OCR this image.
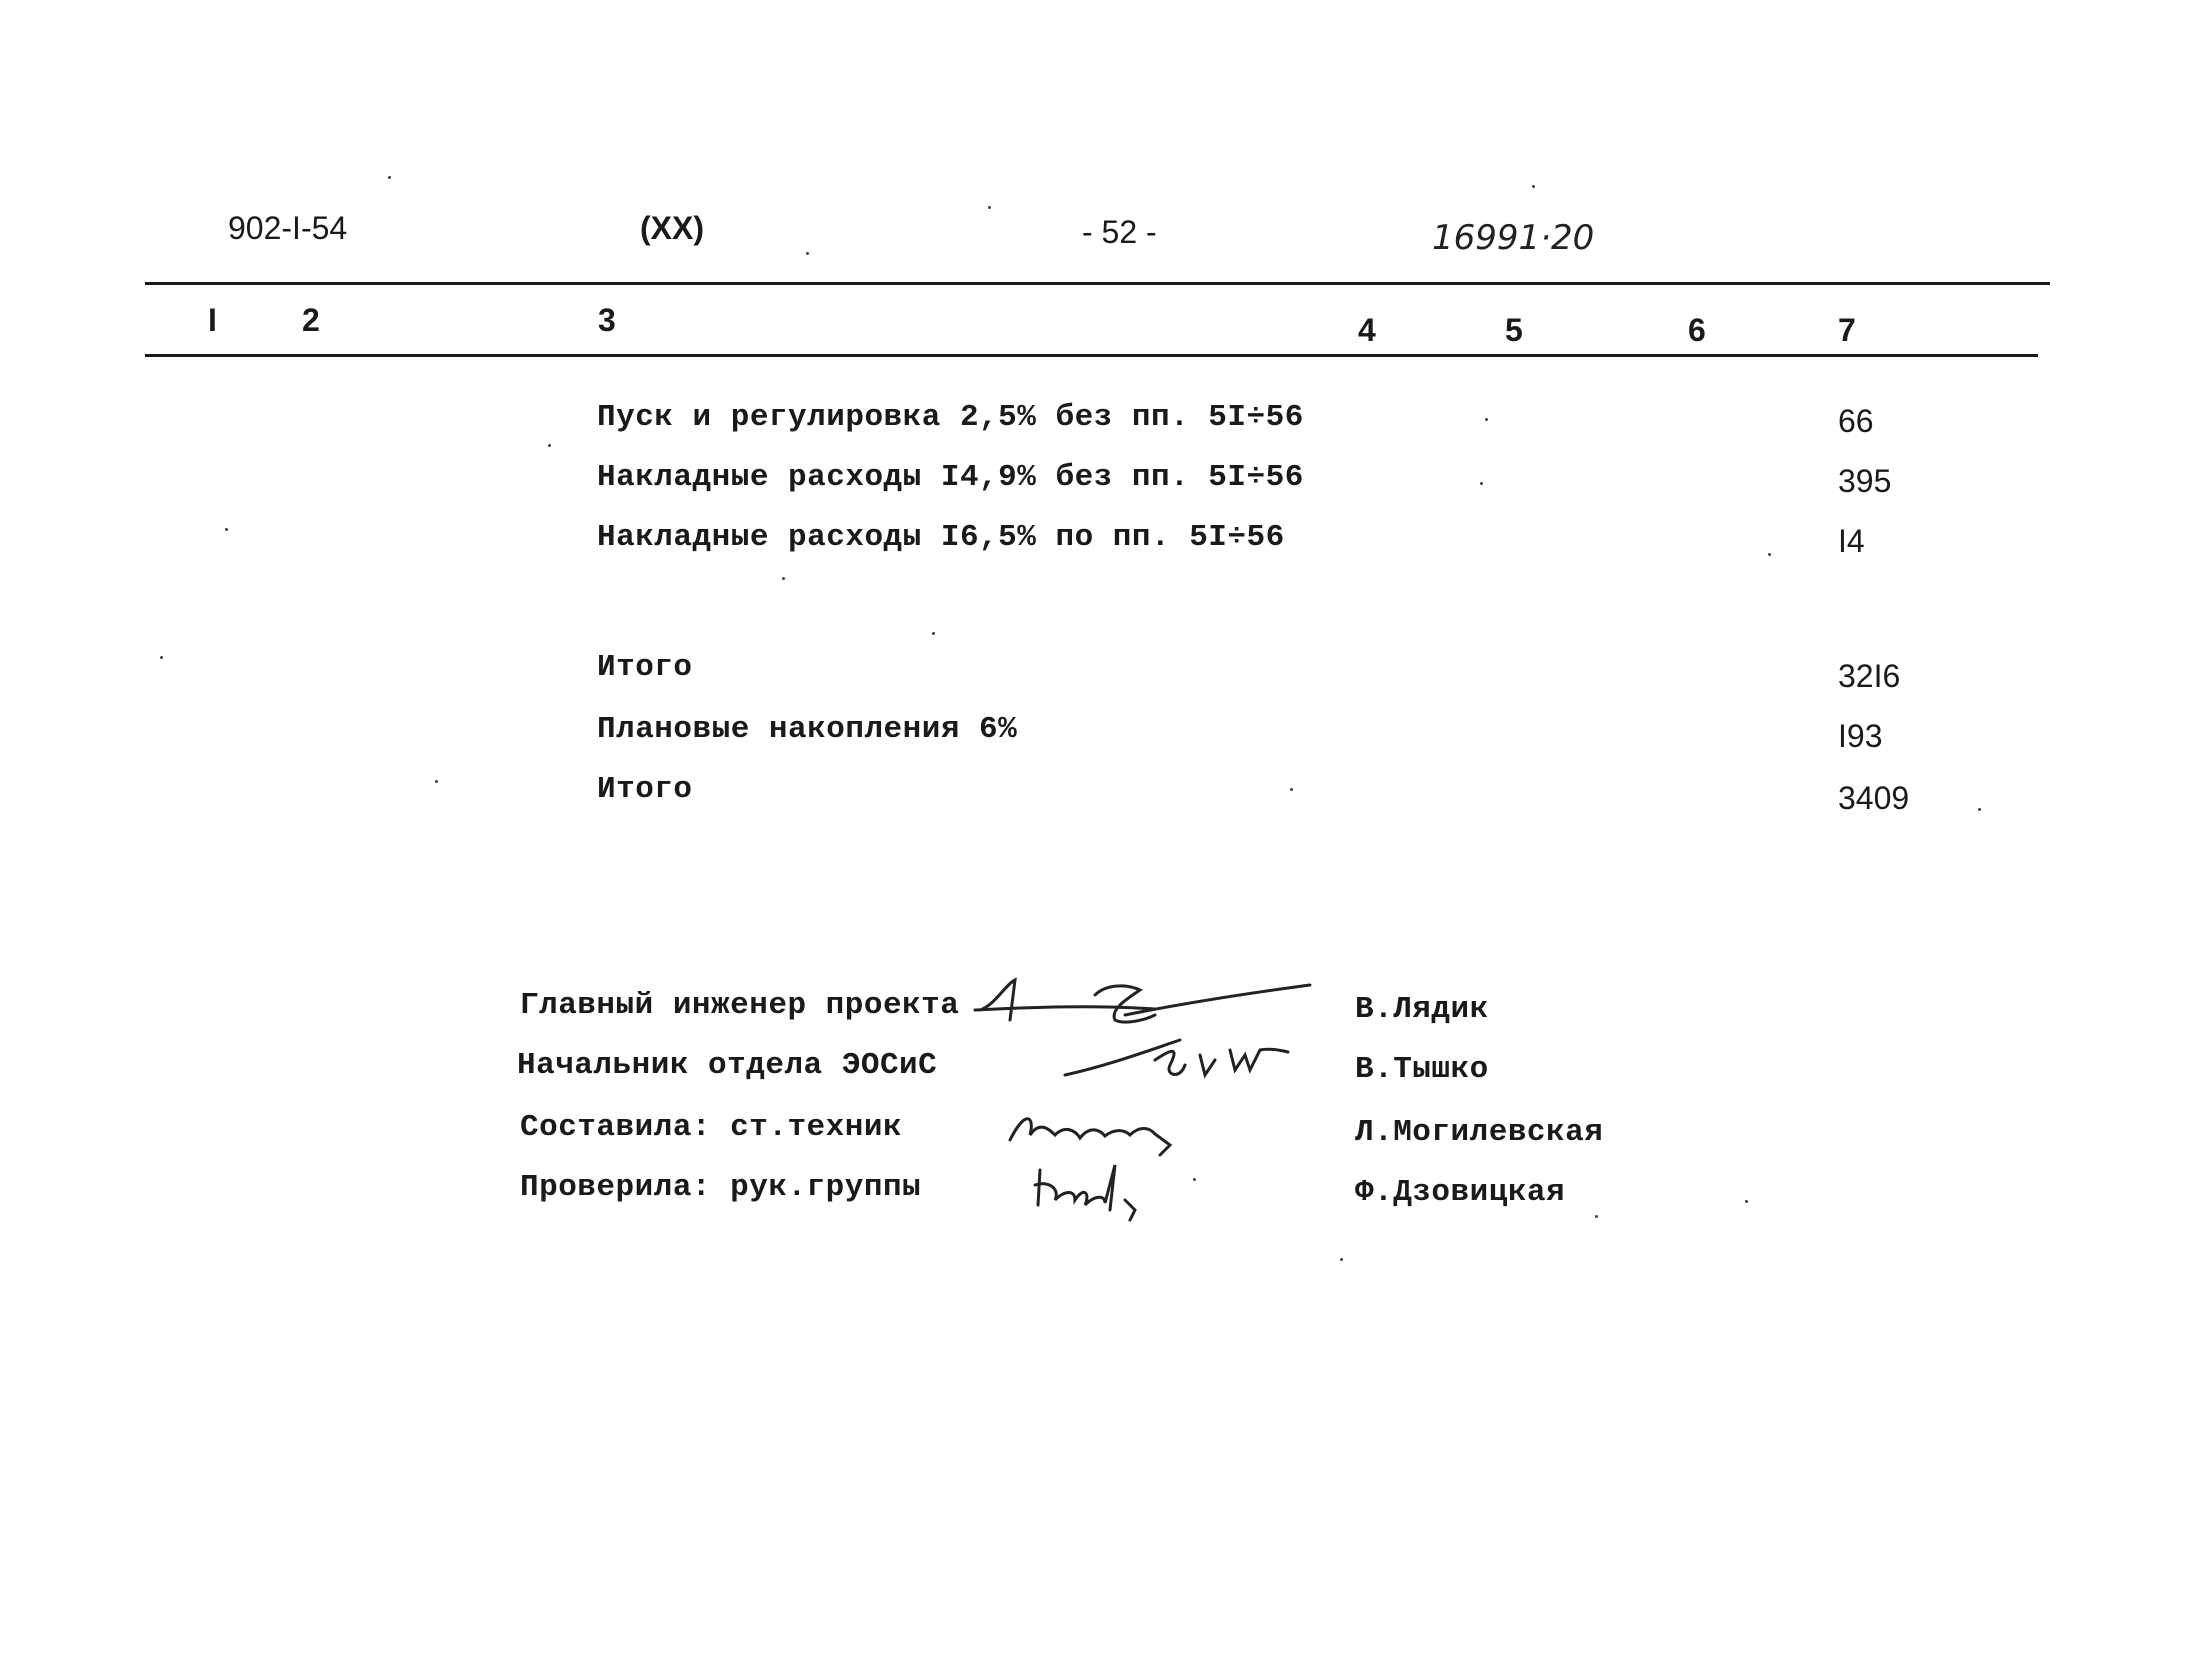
902-I-54	(XX)	- 52 -	16991·20
I	2	3	4	5	6	7
Пуск и регулировка 2,5% без пп. 5I÷56	66
Накладные расходы I4,9% без пп. 5I÷56	395
Накладные расходы I6,5% по пп. 5I÷56	I4
Итого	32I6
Плановые накопления 6%	I93
Итого	3409
Главный инженер проекта	В.Лядик
Начальник отдела ЭОСиС	В.Тышко
Составила: ст.техник	Л.Могилевская
Проверила: рук.группы	Ф.Дзовицкая
